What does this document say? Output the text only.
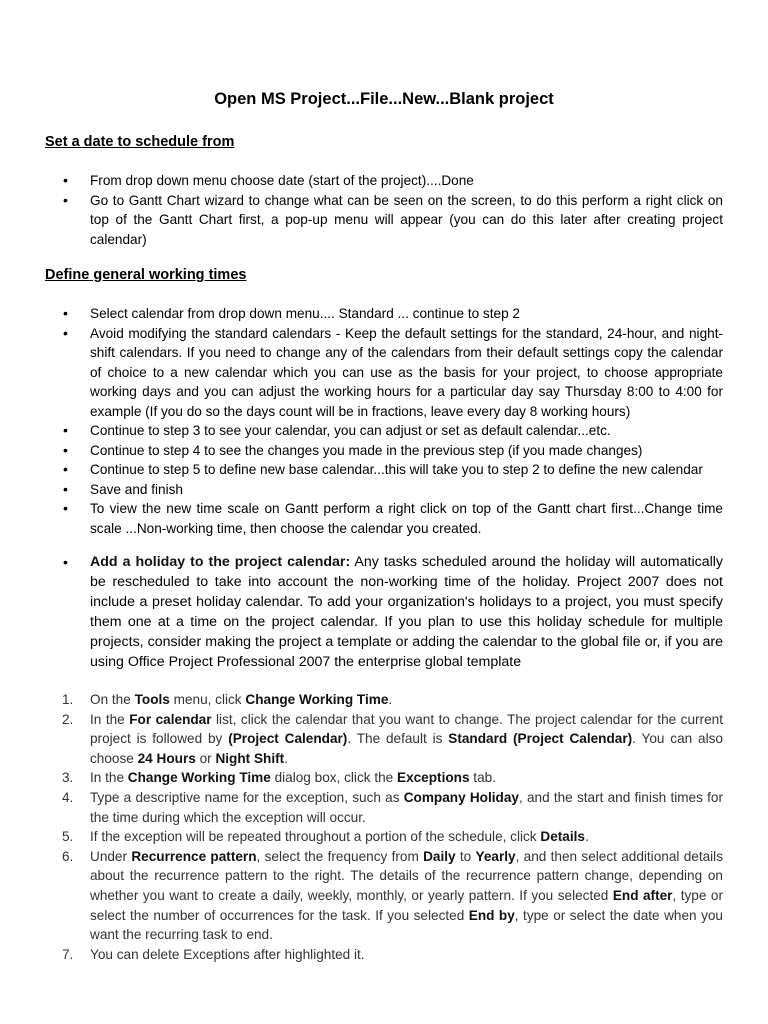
Open MS Project...File...New...Blank project
Set a date to schedule from
• From drop down menu choose date (start of the project)....Done
• Go to Gantt Chart wizard to change what can be seen on the screen, to do this perform a right click on top of the Gantt Chart first, a pop-up menu will appear (you can do this later after creating project calendar)
Define general working times
• Select calendar from drop down menu.... Standard ... continue to step 2
• Avoid modifying the standard calendars - Keep the default settings for the standard, 24-hour, and night-shift calendars. If you need to change any of the calendars from their default settings copy the calendar of choice to a new calendar which you can use as the basis for your project, to choose appropriate working days and you can adjust the working hours for a particular day say Thursday 8:00 to 4:00 for example (If you do so the days count will be in fractions, leave every day 8 working hours)
• Continue to step 3 to see your calendar, you can adjust or set as default calendar...etc.
• Continue to step 4 to see the changes you made in the previous step (if you made changes)
• Continue to step 5 to define new base calendar...this will take you to step 2 to define the new calendar
• Save and finish
• To view the new time scale on Gantt perform a right click on top of the Gantt chart first...Change time scale ...Non-working time, then choose the calendar you created.
• Add a holiday to the project calendar: Any tasks scheduled around the holiday will automatically be rescheduled to take into account the non-working time of the holiday. Project 2007 does not include a preset holiday calendar. To add your organization's holidays to a project, you must specify them one at a time on the project calendar. If you plan to use this holiday schedule for multiple projects, consider making the project a template or adding the calendar to the global file or, if you are using Office Project Professional 2007 the enterprise global template
1. On the Tools menu, click Change Working Time.
2. In the For calendar list, click the calendar that you want to change. The project calendar for the current project is followed by (Project Calendar). The default is Standard (Project Calendar). You can also choose 24 Hours or Night Shift.
3. In the Change Working Time dialog box, click the Exceptions tab.
4. Type a descriptive name for the exception, such as Company Holiday, and the start and finish times for the time during which the exception will occur.
5. If the exception will be repeated throughout a portion of the schedule, click Details.
6. Under Recurrence pattern, select the frequency from Daily to Yearly, and then select additional details about the recurrence pattern to the right. The details of the recurrence pattern change, depending on whether you want to create a daily, weekly, monthly, or yearly pattern. If you selected End after, type or select the number of occurrences for the task. If you selected End by, type or select the date when you want the recurring task to end.
7. You can delete Exceptions after highlighted it.
